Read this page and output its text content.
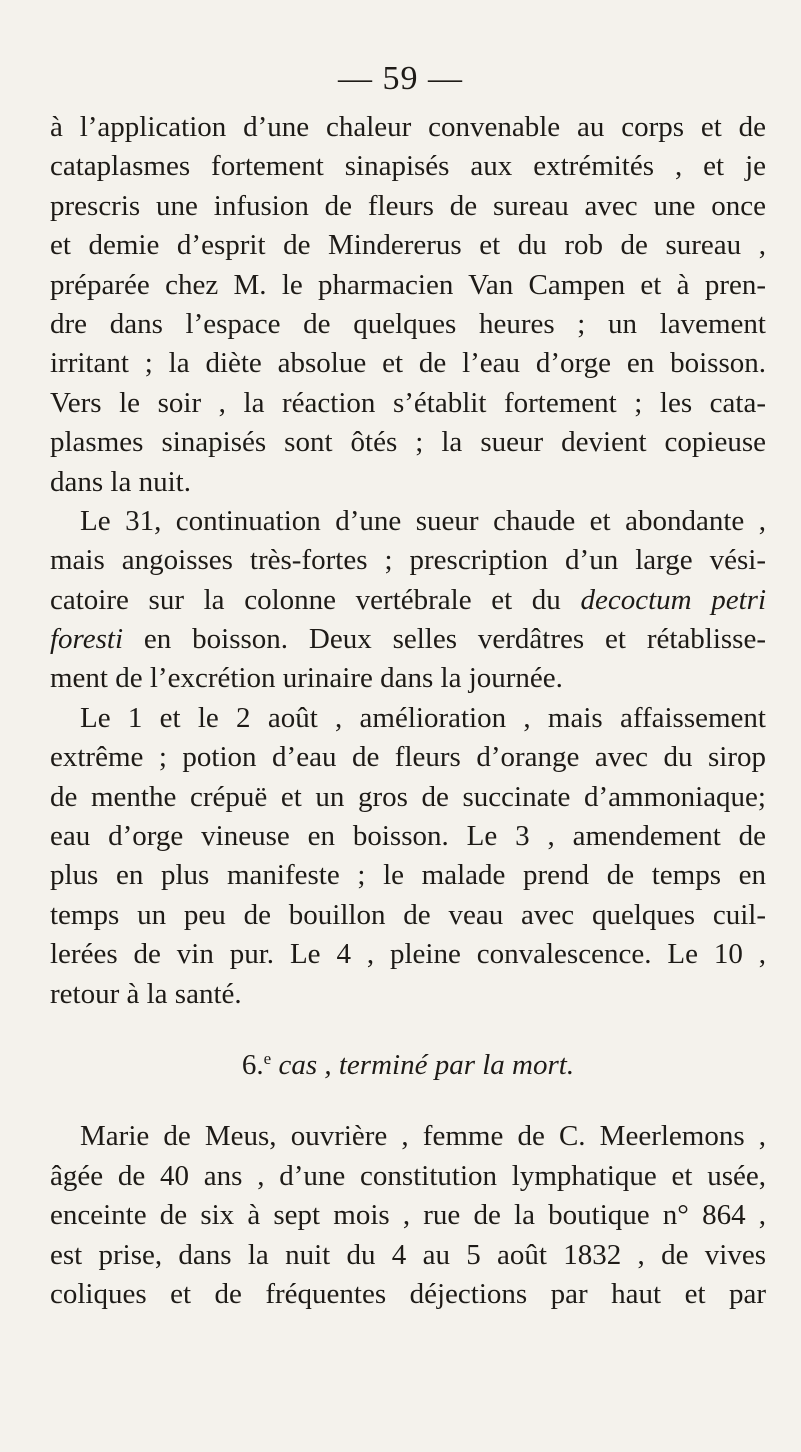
— 59 —
à l’application d’une chaleur convenable au corps et de
cataplasmes fortement sinapisés aux extrémités , et je
prescris une infusion de fleurs de sureau avec une once
et demie d’esprit de Mindererus et du rob de sureau ,
préparée chez M. le pharmacien Van Campen et à pren-
dre dans l’espace de quelques heures ; un lavement
irritant ; la diète absolue et de l’eau d’orge en boisson.
Vers le soir , la réaction s’établit fortement ; les cata-
plasmes sinapisés sont ôtés ; la sueur devient copieuse
dans la nuit.
Le 31, continuation d’une sueur chaude et abondante ,
mais angoisses très-fortes ; prescription d’un large vési-
catoire sur la colonne vertébrale et du decoctum petri
foresti en boisson. Deux selles verdâtres et rétablisse-
ment de l’excrétion urinaire dans la journée.
Le 1 et le 2 août , amélioration , mais affaissement
extrême ; potion d’eau de fleurs d’orange avec du sirop
de menthe crépuë et un gros de succinate d’ammoniaque;
eau d’orge vineuse en boisson. Le 3 , amendement de
plus en plus manifeste ; le malade prend de temps en
temps un peu de bouillon de veau avec quelques cuil-
lerées de vin pur. Le 4 , pleine convalescence. Le 10 ,
retour à la santé.
6.$^e$ cas , terminé par la mort.
Marie de Meus, ouvrière , femme de C. Meerlemons ,
âgée de 40 ans , d’une constitution lymphatique et usée,
enceinte de six à sept mois , rue de la boutique n° 864 ,
est prise, dans la nuit du 4 au 5 août 1832 , de vives
coliques et de fréquentes déjections par haut et par
